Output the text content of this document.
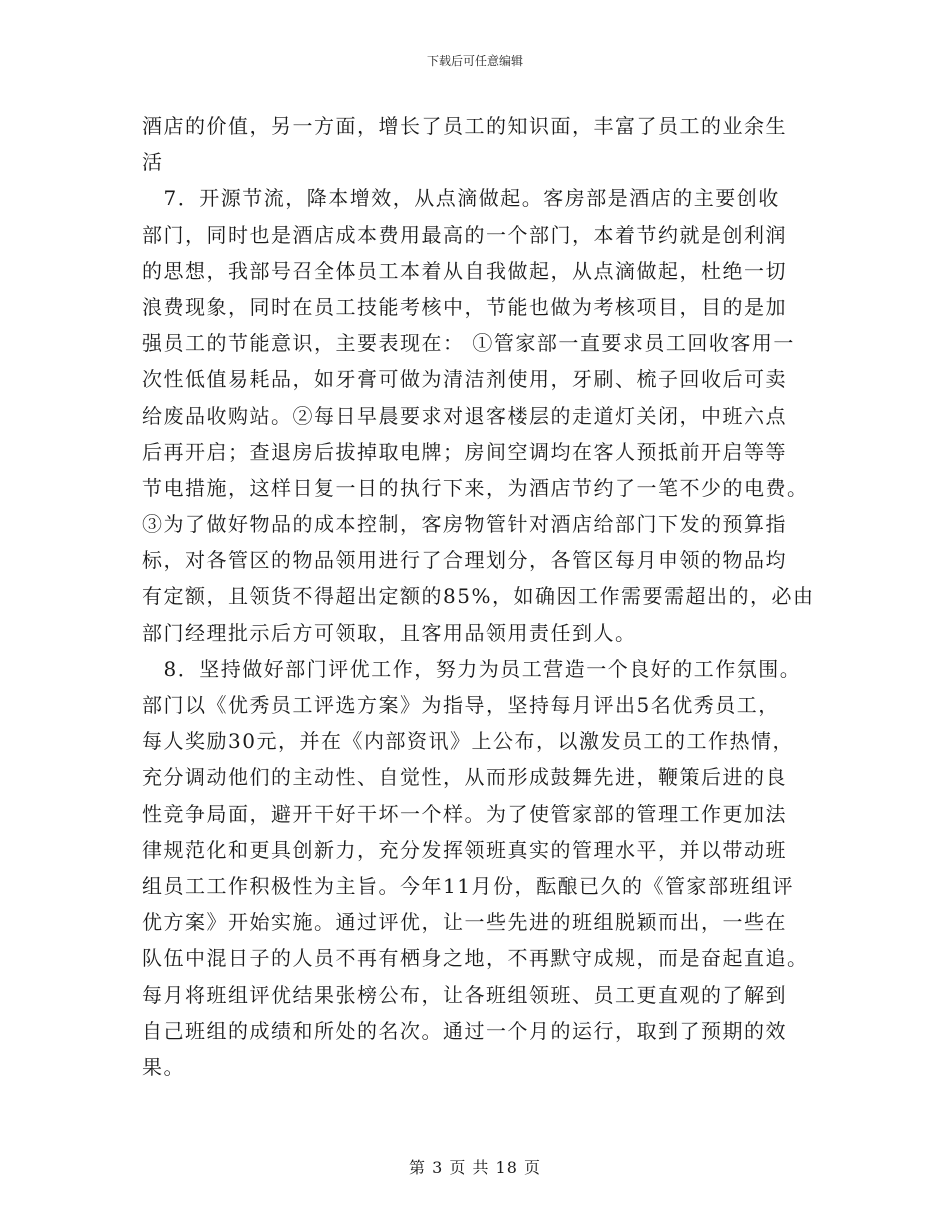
下载后可任意编辑
酒店的价值，另一方面，增长了员工的知识面，丰富了员工的业余生
活
　7．开源节流，降本增效，从点滴做起。客房部是酒店的主要创收
部门，同时也是酒店成本费用最高的一个部门，本着节约就是创利润
的思想，我部号召全体员工本着从自我做起，从点滴做起，杜绝一切
浪费现象，同时在员工技能考核中，节能也做为考核项目，目的是加
强员工的节能意识，主要表现在： ①管家部一直要求员工回收客用一
次性低值易耗品，如牙膏可做为清洁剂使用，牙刷、梳子回收后可卖
给废品收购站。②每日早晨要求对退客楼层的走道灯关闭，中班六点
后再开启；查退房后拔掉取电牌；房间空调均在客人预抵前开启等等
节电措施，这样日复一日的执行下来，为酒店节约了一笔不少的电费。
③为了做好物品的成本控制，客房物管针对酒店给部门下发的预算指
标，对各管区的物品领用进行了合理划分，各管区每月申领的物品均
有定额，且领货不得超出定额的85%，如确因工作需要需超出的，必由
部门经理批示后方可领取，且客用品领用责任到人。
　8．坚持做好部门评优工作，努力为员工营造一个良好的工作氛围。
部门以《优秀员工评选方案》为指导，坚持每月评出5名优秀员工，
每人奖励30元，并在《内部资讯》上公布，以激发员工的工作热情，
充分调动他们的主动性、自觉性，从而形成鼓舞先进，鞭策后进的良
性竞争局面，避开干好干坏一个样。为了使管家部的管理工作更加法
律规范化和更具创新力，充分发挥领班真实的管理水平，并以带动班
组员工工作积极性为主旨。今年11月份，酝酿已久的《管家部班组评
优方案》开始实施。通过评优，让一些先进的班组脱颖而出，一些在
队伍中混日子的人员不再有栖身之地，不再默守成规，而是奋起直追。
每月将班组评优结果张榜公布，让各班组领班、员工更直观的了解到
自己班组的成绩和所处的名次。通过一个月的运行，取到了预期的效
果。
第 3 页 共 18 页
